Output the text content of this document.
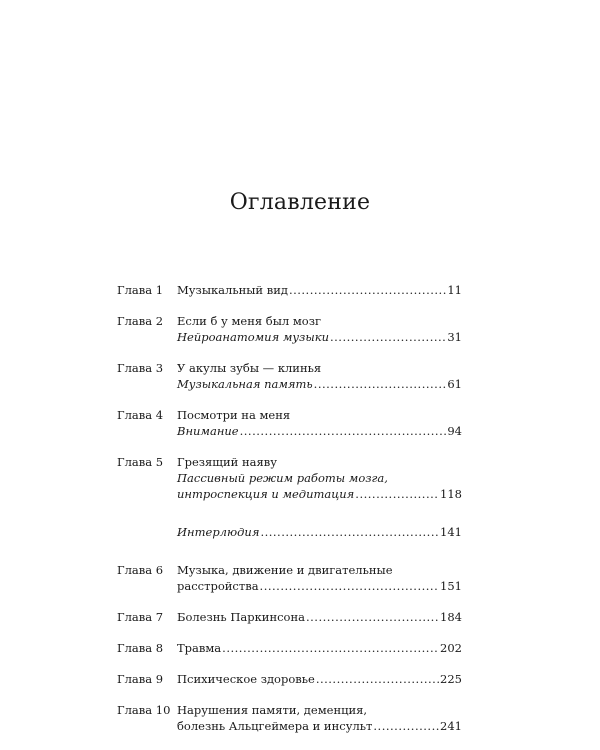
Оглавление
Глава 1	Музыкальный вид .....	11
Глава 2	Если б у меня был мозг
Нейроанатомия музыки .....	31
Глава 3	У акулы зубы — клинья
Музыкальная память .....	61
Глава 4	Посмотри на меня
Внимание .....	94
Глава 5	Грезящий наяву
Пассивный режим работы мозга,
интроспекция и медитация .....	118
Интерлюдия .....	141
Глава 6	Музыка, движение и двигательные
расстройства .....	151
Глава 7	Болезнь Паркинсона .....	184
Глава 8	Травма .....	202
Глава 9	Психическое здоровье .....	225
Глава 10 Нарушения памяти, деменция,
болезнь Альцгеймера и инсульт .....	241
